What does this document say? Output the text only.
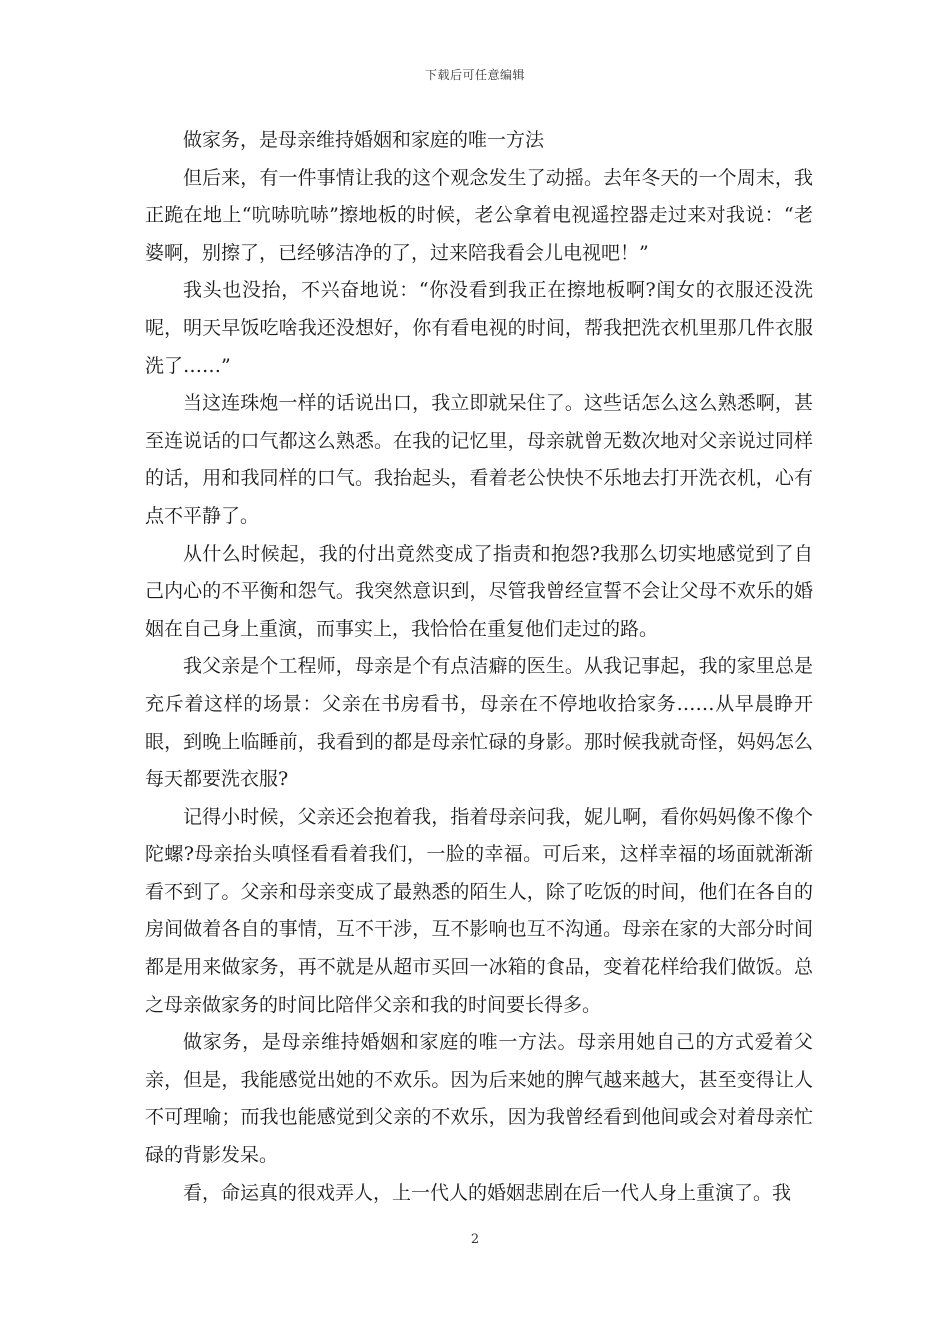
下载后可任意编辑

做家务，是母亲维持婚姻和家庭的唯一方法

但后来，有一件事情让我的这个观念发生了动摇。去年冬天的一个周末，我正跪在地上“吭哧吭哧”擦地板的时候，老公拿着电视遥控器走过来对我说：“老婆啊，别擦了，已经够洁净的了，过来陪我看会儿电视吧！”

我头也没抬，不兴奋地说：“你没看到我正在擦地板啊?闺女的衣服还没洗呢，明天早饭吃啥我还没想好，你有看电视的时间，帮我把洗衣机里那几件衣服洗了……”

当这连珠炮一样的话说出口，我立即就呆住了。这些话怎么这么熟悉啊，甚至连说话的口气都这么熟悉。在我的记忆里，母亲就曾无数次地对父亲说过同样的话，用和我同样的口气。我抬起头，看着老公快快不乐地去打开洗衣机，心有点不平静了。

从什么时候起，我的付出竟然变成了指责和抱怨?我那么切实地感觉到了自己内心的不平衡和怨气。我突然意识到，尽管我曾经宣誓不会让父母不欢乐的婚姻在自己身上重演，而事实上，我恰恰在重复他们走过的路。

我父亲是个工程师，母亲是个有点洁癖的医生。从我记事起，我的家里总是充斥着这样的场景：父亲在书房看书，母亲在不停地收拾家务……从早晨睁开眼，到晚上临睡前，我看到的都是母亲忙碌的身影。那时候我就奇怪，妈妈怎么每天都要洗衣服?

记得小时候，父亲还会抱着我，指着母亲问我，妮儿啊，看你妈妈像不像个陀螺?母亲抬头嗔怪看看着我们，一脸的幸福。可后来，这样幸福的场面就渐渐看不到了。父亲和母亲变成了最熟悉的陌生人，除了吃饭的时间，他们在各自的房间做着各自的事情，互不干涉，互不影响也互不沟通。母亲在家的大部分时间都是用来做家务，再不就是从超市买回一冰箱的食品，变着花样给我们做饭。总之母亲做家务的时间比陪伴父亲和我的时间要长得多。

做家务，是母亲维持婚姻和家庭的唯一方法。母亲用她自己的方式爱着父亲，但是，我能感觉出她的不欢乐。因为后来她的脾气越来越大，甚至变得让人不可理喻；而我也能感觉到父亲的不欢乐，因为我曾经看到他间或会对着母亲忙碌的背影发呆。

看，命运真的很戏弄人，上一代人的婚姻悲剧在后一代人身上重演了。我

2
